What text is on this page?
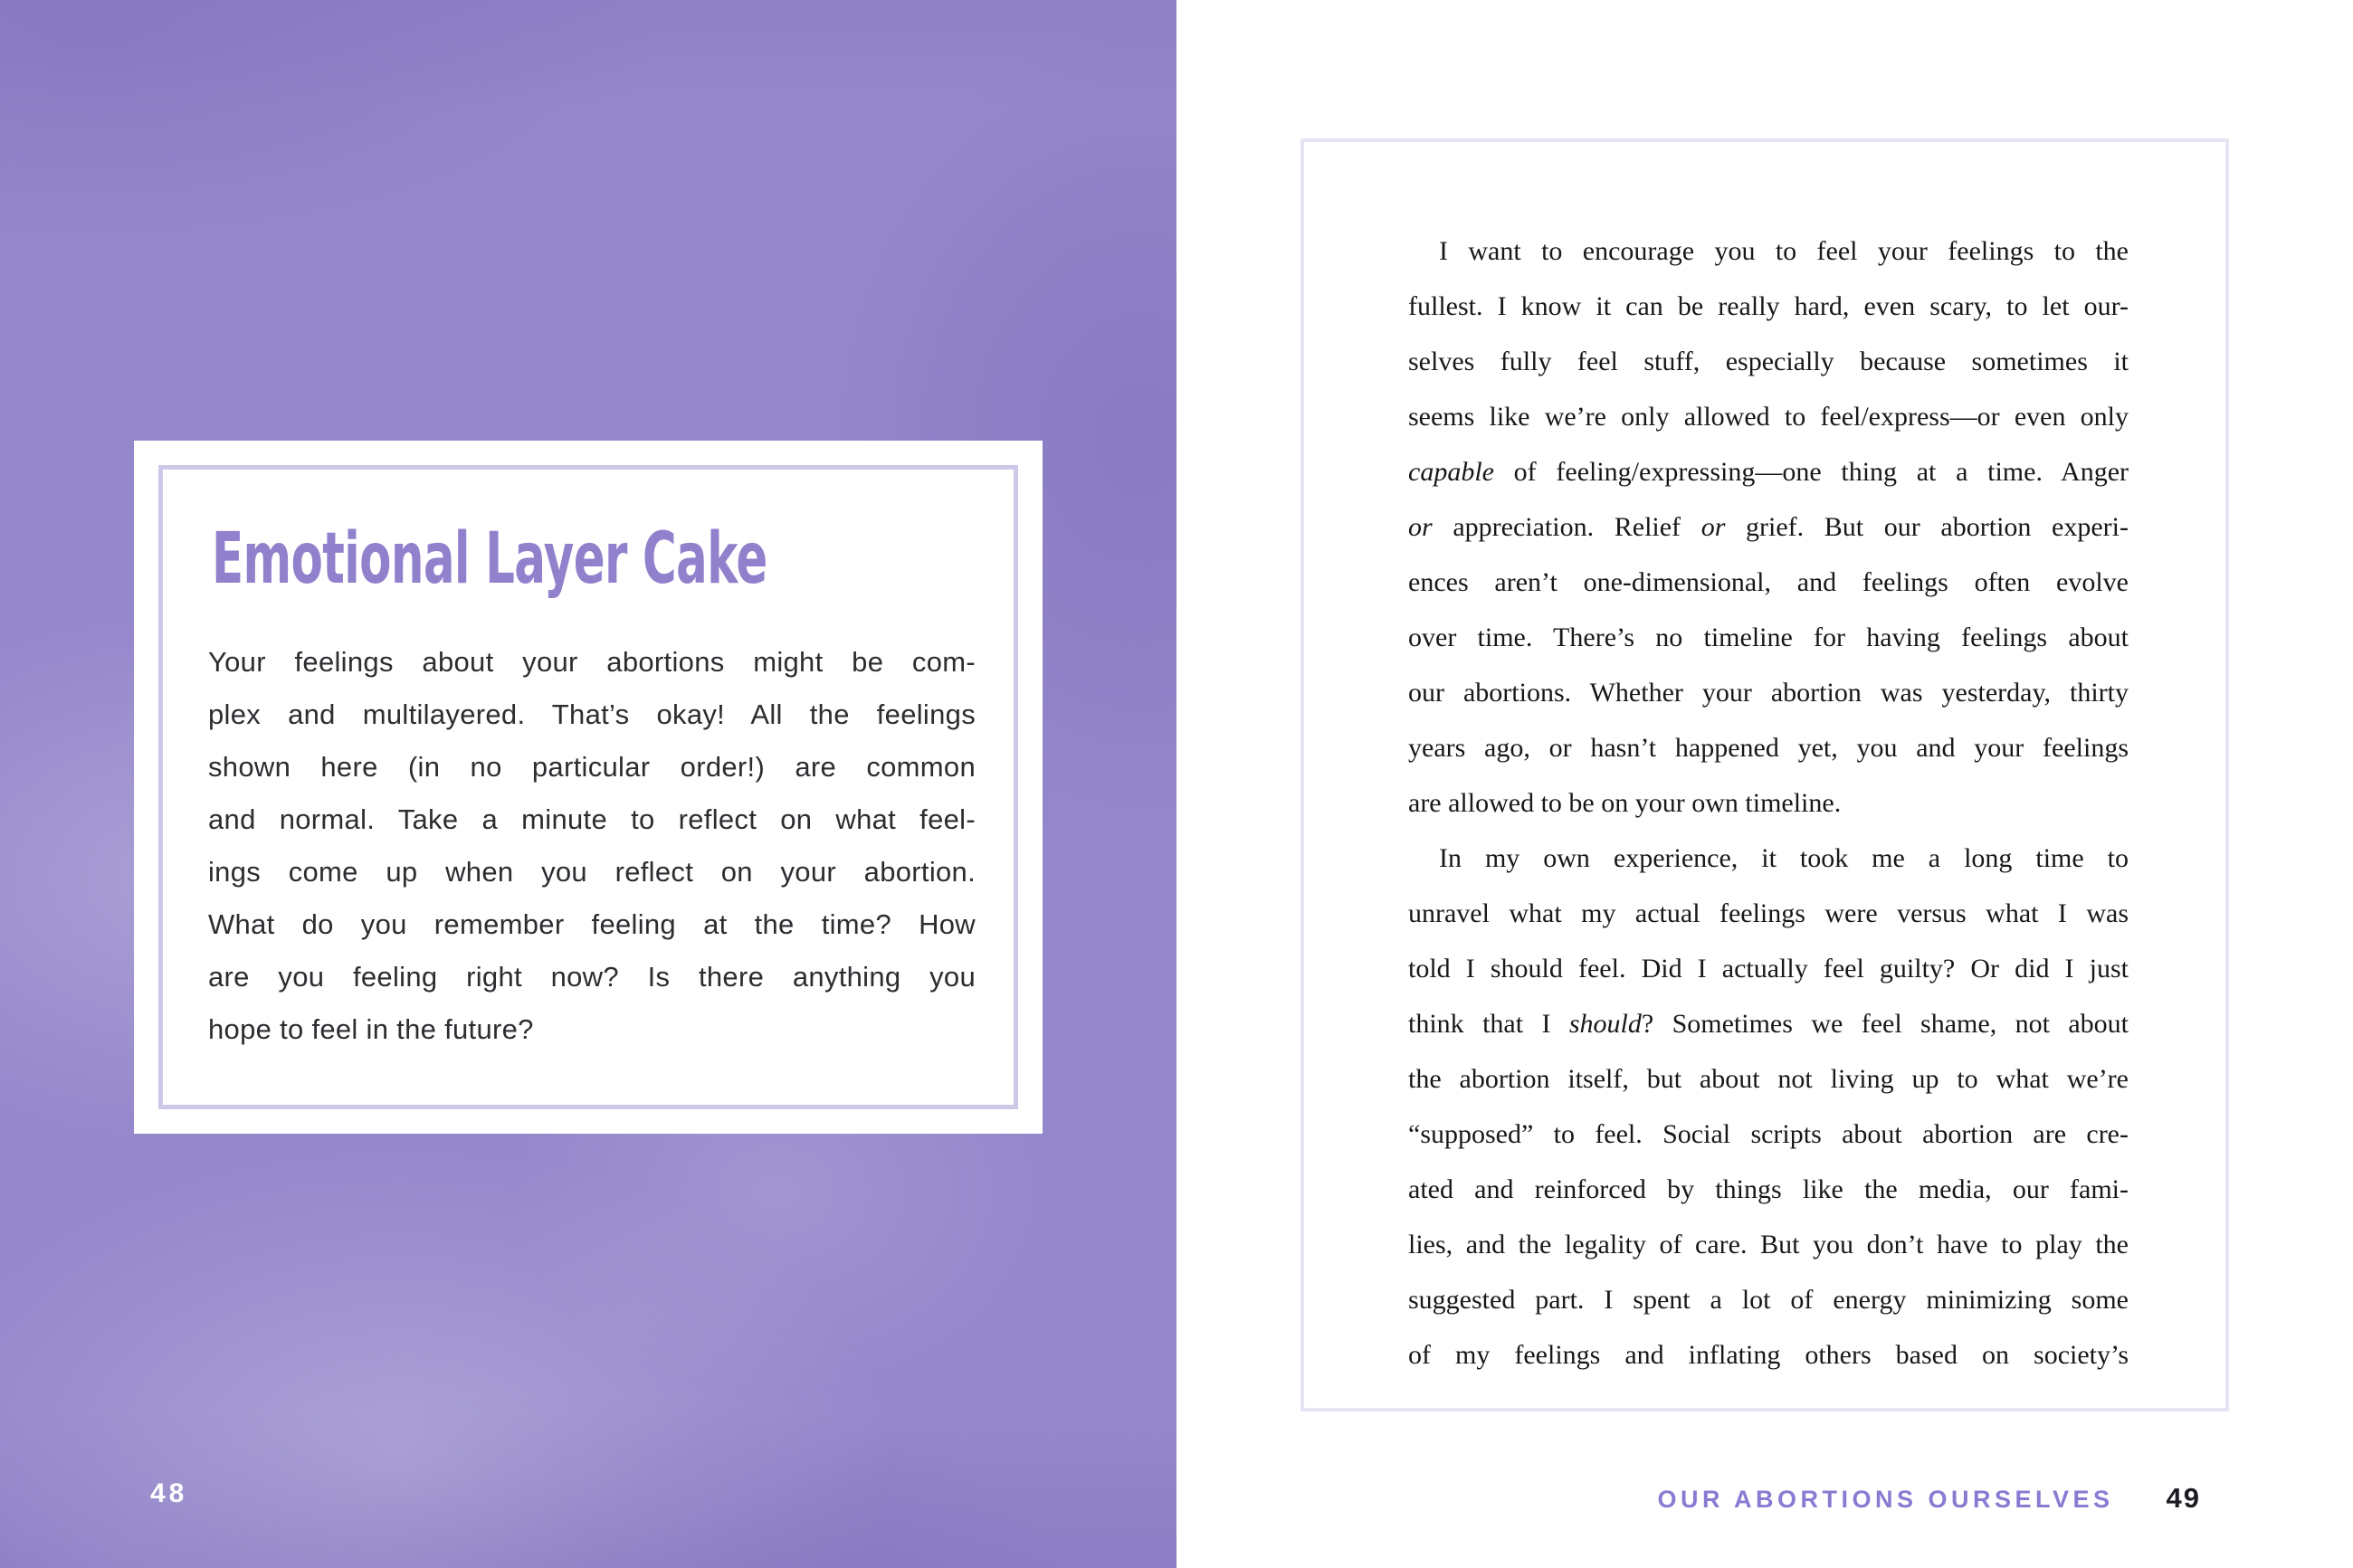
Emotional Layer Cake
Your feelings about your abortions might be com-
plex and multilayered. That’s okay! All the feelings
shown here (in no particular order!) are common
and normal. Take a minute to reflect on what feel-
ings come up when you reflect on your abortion.
What do you remember feeling at the time? How
are you feeling right now? Is there anything you
hope to feel in the future?
48
I want to encourage you to feel your feelings to the
fullest. I know it can be really hard, even scary, to let our-
selves fully feel stuff, especially because sometimes it
seems like we’re only allowed to feel/express—or even only
capable of feeling/expressing—one thing at a time. Anger
or appreciation. Relief or grief. But our abortion experi-
ences aren’t one-dimensional, and feelings often evolve
over time. There’s no timeline for having feelings about
our abortions. Whether your abortion was yesterday, thirty
years ago, or hasn’t happened yet, you and your feelings
are allowed to be on your own timeline.
In my own experience, it took me a long time to
unravel what my actual feelings were versus what I was
told I should feel. Did I actually feel guilty? Or did I just
think that I should? Sometimes we feel shame, not about
the abortion itself, but about not living up to what we’re
“supposed” to feel. Social scripts about abortion are cre-
ated and reinforced by things like the media, our fami-
lies, and the legality of care. But you don’t have to play the
suggested part. I spent a lot of energy minimizing some
of my feelings and inflating others based on society’s
OUR ABORTIONS OURSELVES 49
